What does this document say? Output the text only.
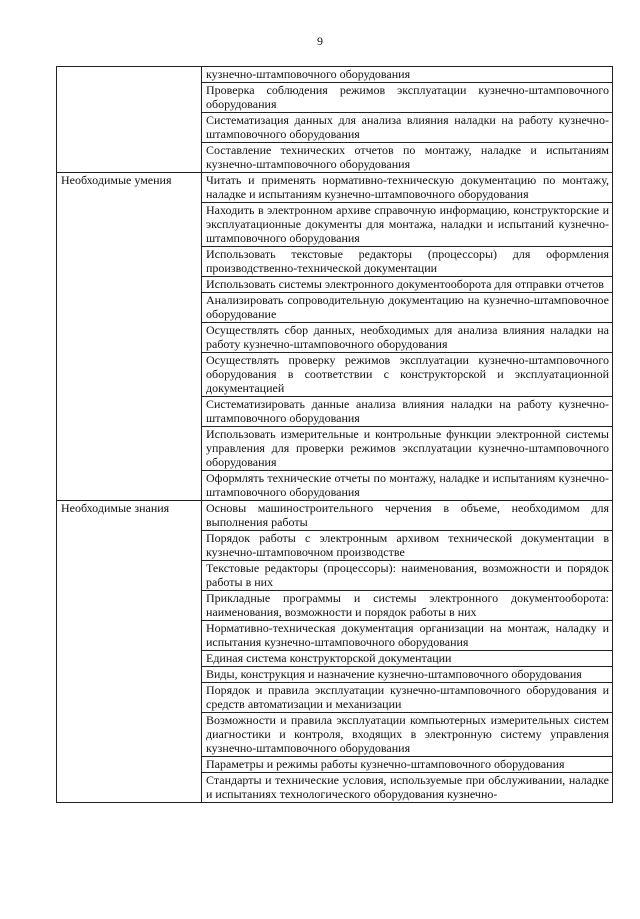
9
	кузнечно-штамповочного оборудования
	Проверка соблюдения режимов эксплуатации кузнечно-штамповочного оборудования
	Систематизация данных для анализа влияния наладки на работу кузнечно-штамповочного оборудования
	Составление технических отчетов по монтажу, наладке и испытаниям кузнечно-штамповочного оборудования
Необходимые умения	Читать и применять нормативно-техническую документацию по монтажу, наладке и испытаниям кузнечно-штамповочного оборудования
	Находить в электронном архиве справочную информацию, конструкторские и эксплуатационные документы для монтажа, наладки и испытаний кузнечно-штамповочного оборудования
	Использовать текстовые редакторы (процессоры) для оформления производственно-технической документации
	Использовать системы электронного документооборота для отправки отчетов
	Анализировать сопроводительную документацию на кузнечно-штамповочное оборудование
	Осуществлять сбор данных, необходимых для анализа влияния наладки на работу кузнечно-штамповочного оборудования
	Осуществлять проверку режимов эксплуатации кузнечно-штамповочного оборудования в соответствии с конструкторской и эксплуатационной документацией
	Систематизировать данные анализа влияния наладки на работу кузнечно-штамповочного оборудования
	Использовать измерительные и контрольные функции электронной системы управления для проверки режимов эксплуатации кузнечно-штамповочного оборудования
	Оформлять технические отчеты по монтажу, наладке и испытаниям кузнечно-штамповочного оборудования
Необходимые знания	Основы машиностроительного черчения в объеме, необходимом для выполнения работы
	Порядок работы с электронным архивом технической документации в кузнечно-штамповочном производстве
	Текстовые редакторы (процессоры): наименования, возможности и порядок работы в них
	Прикладные программы и системы электронного документооборота: наименования, возможности и порядок работы в них
	Нормативно-техническая документация организации на монтаж, наладку и испытания кузнечно-штамповочного оборудования
	Единая система конструкторской документации
	Виды, конструкция и назначение кузнечно-штамповочного оборудования
	Порядок и правила эксплуатации кузнечно-штамповочного оборудования и средств автоматизации и механизации
	Возможности и правила эксплуатации компьютерных измерительных систем диагностики и контроля, входящих в электронную систему управления кузнечно-штамповочного оборудования
	Параметры и режимы работы кузнечно-штамповочного оборудования
	Стандарты и технические условия, используемые при обслуживании, наладке и испытаниях технологического оборудования кузнечно-
